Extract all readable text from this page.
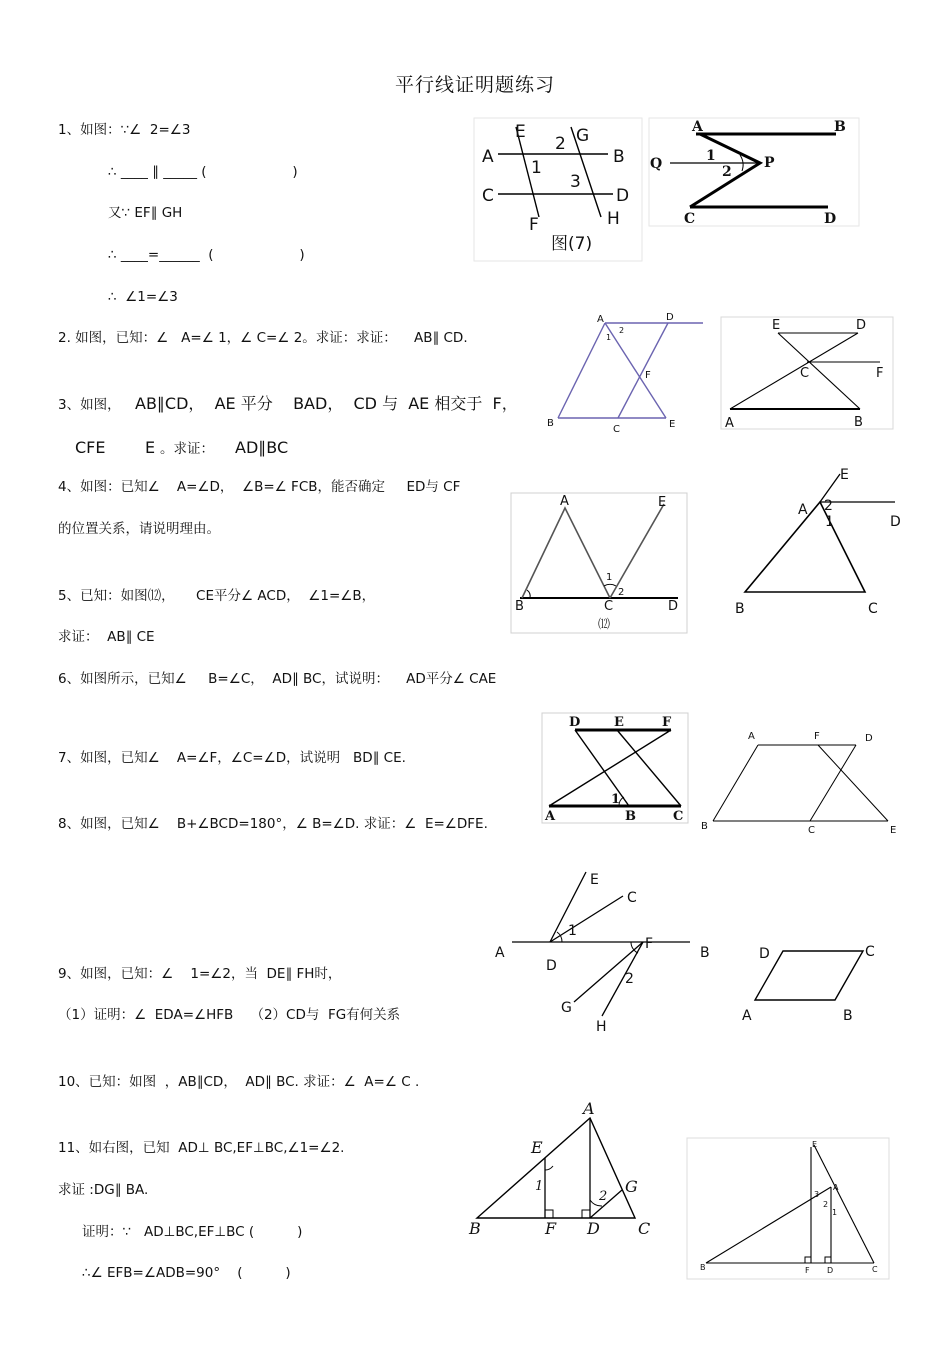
平行线证明题练习
1、如图：∵∠  2=∠3
∴ ____ ∥ _____ (                    )
又∵ EF∥ GH
∴ ____=______  (                    )
∴  ∠1=∠3
2. 如图，已知：∠   A=∠ 1，∠ C=∠ 2。求证：求证：    AB∥ CD.
3、如图， AB∥CD，  AE 平分    BAD，  CD 与  AE 相交于  F，
CFE E 。求证： AD∥BC
4、如图：已知∠    A=∠D，  ∠B=∠ FCB，能否确定     ED与 CF
的位置关系，请说明理由。
5、已知：如图⑿，     CE平分∠ ACD，  ∠1=∠B，
求证：  AB∥ CE
6、如图所示，已知∠     B=∠C，  AD∥ BC，试说明：    AD平分∠ CAE
7、如图，已知∠    A=∠F，∠C=∠D，试说明   BD∥ CE.
8、如图，已知∠    B+∠BCD=180°，∠ B=∠D. 求证：∠  E=∠DFE.
9、如图，已知：∠    1=∠2，当  DE∥ FH时，
（1）证明：∠  EDA=∠HFB    （2）CD与  FG有何关系
10、已知：如图  ，AB∥CD，  AD∥ BC. 求证：∠  A=∠ C .
11、如右图，已知  AD⊥ BC,EF⊥BC,∠1=∠2.
求证 :DG∥ BA.
证明：∵   AD⊥BC,EF⊥BC (          )
∴∠ EFB=∠ADB=90°    (          )
E	G
A
2
B
1
3
C	D
F	H
图(7)
A	B
Q	1
2
P
C	D
A
2
1
D
F
B
C	E
E	D
C	F
A	B
A	E
1
2
B	C	D
⑿
E
A 2
1	D
B	C
D	E	F
1
A	B	C
A	F	D
B	C	E
E
C
1
A
F
B
D
2
G
H
D	C
A	B
A
E
G
1
2
B	F D C
E
A
3
2
1
B	F D	C
